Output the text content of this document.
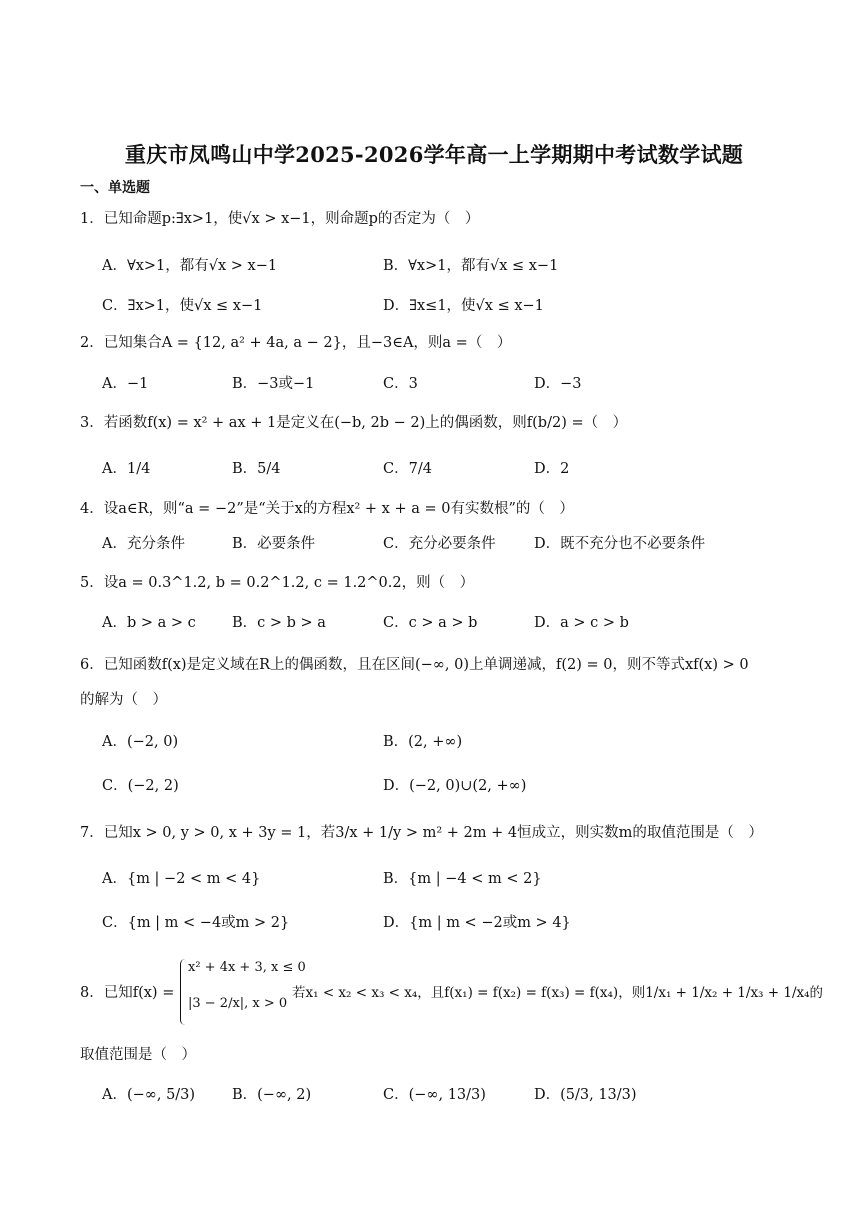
重庆市凤鸣山中学2025-2026学年高一上学期期中考试数学试题
一、单选题
1．已知命题p:∃x>1，使√x > x−1，则命题p的否定为（　）
A．∀x>1，都有√x > x−1	B．∀x>1，都有√x ≤ x−1
C．∃x>1，使√x ≤ x−1	D．∃x≤1，使√x ≤ x−1
2．已知集合A = {12, a² + 4a, a − 2}，且−3∈A，则a =（　）
A．−1	B．−3或−1	C．3	D．−3
3．若函数f(x) = x² + ax + 1是定义在(−b, 2b − 2)上的偶函数，则f(b/2) =（　）
A．1/4	B．5/4	C．7/4	D．2
4．设a∈R，则“a = −2”是“关于x的方程x² + x + a = 0有实数根”的（　）
A．充分条件	B．必要条件	C．充分必要条件	D．既不充分也不必要条件
5．设a = 0.3^1.2, b = 0.2^1.2, c = 1.2^0.2，则（　）
A．b > a > c B．c > b > a	C．c > a > b	D．a > c > b
6．已知函数f(x)是定义域在R上的偶函数，且在区间(−∞, 0)上单调递减，f(2) = 0，则不等式xf(x) > 0
的解为（　）
A．(−2, 0)	B．(2, +∞)
C．(−2, 2)	D．(−2, 0)∪(2, +∞)
7．已知x > 0, y > 0, x + 3y = 1，若3/x + 1/y > m² + 2m + 4恒成立，则实数m的取值范围是（　）
A．{m | −2 < m < 4}	B．{m | −4 < m < 2}
C．{m | m < −4或m > 2}	D．{m | m < −2或m > 4}
8．已知f(x) =
x² + 4x + 3, x ≤ 0
|3 − 2/x|, x > 0
若x₁ < x₂ < x₃ < x₄，且f(x₁) = f(x₂) = f(x₃) = f(x₄)，则1/x₁ + 1/x₂ + 1/x₃ + 1/x₄的
取值范围是（　）
A．(−∞, 5/3)	B．(−∞, 2)	C．(−∞, 13/3)	D．(5/3, 13/3)
